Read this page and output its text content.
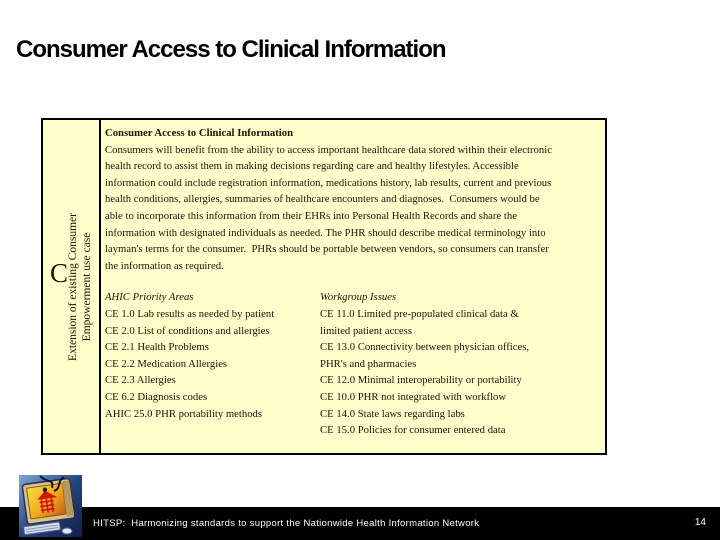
Consumer Access to Clinical Information
C
Extension of existing Consumer Empowerment use case
Consumer Access to Clinical Information
Consumers will benefit from the ability to access important healthcare data stored within their electronic
health record to assist them in making decisions regarding care and healthy lifestyles. Accessible
information could include registration information, medications history, lab results, current and previous
health conditions, allergies, summaries of healthcare encounters and diagnoses.  Consumers would be
able to incorporate this information from their EHRs into Personal Health Records and share the
information with designated individuals as needed. The PHR should describe medical terminology into
layman's terms for the consumer.  PHRs should be portable between vendors, so consumers can transfer
the information as required.
AHIC Priority Areas
CE 1.0 Lab results as needed by patient
CE 2.0 List of conditions and allergies
CE 2.1 Health Problems
CE 2.2 Medication Allergies
CE 2.3 Allergies
CE 6.2 Diagnosis codes
AHIC 25.0 PHR portability methods
Workgroup Issues
CE 11.0 Limited pre-populated clinical data &
limited patient access
CE 13.0 Connectivity between physician offices,
PHR's and pharmacies
CE 12.0 Minimal interoperability or portability
CE 10.0 PHR not integrated with workflow
CE 14.0 State laws regarding labs
CE 15.0 Policies for consumer entered data
HITSP:  Harmonizing standards to support the Nationwide Health Information Network	14
